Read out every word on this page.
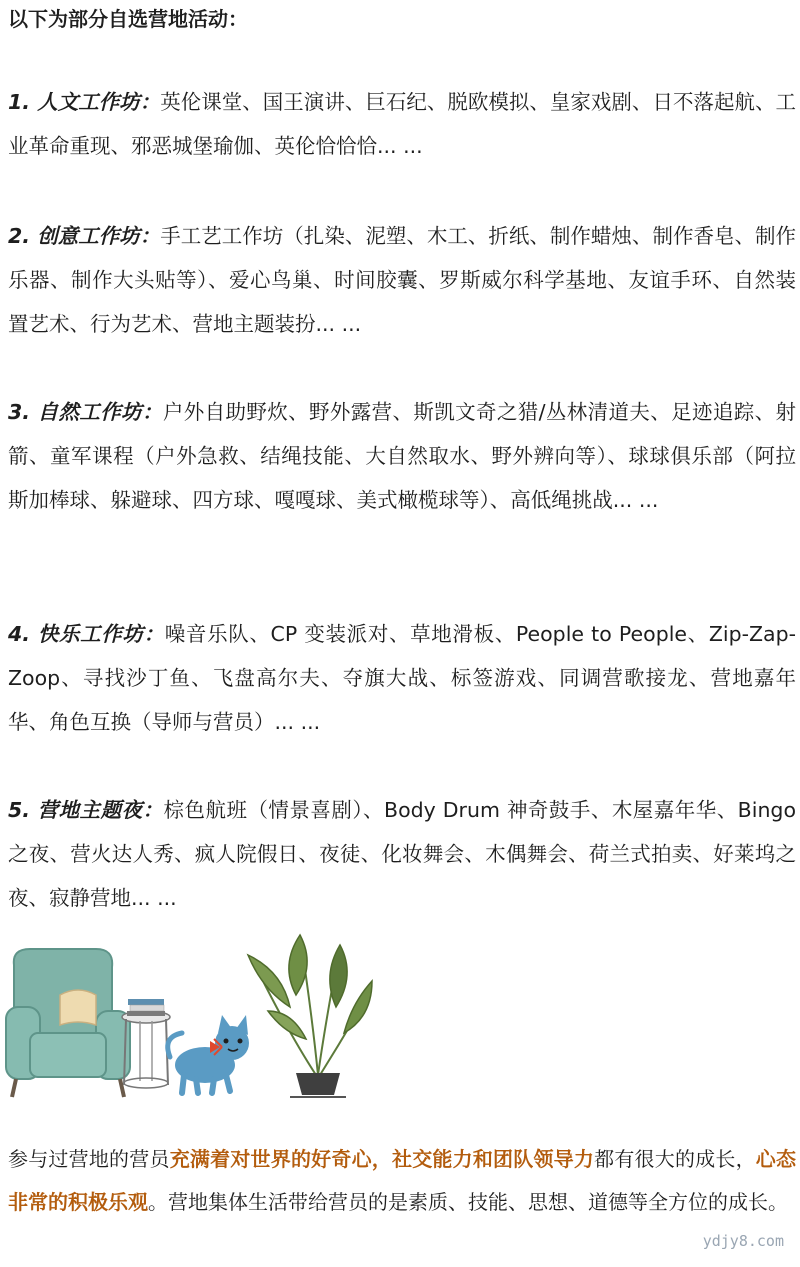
以下为部分自选营地活动：

1. 人文工作坊：英伦课堂、国王演讲、巨石纪、脱欧模拟、皇家戏剧、日不落起航、工业革命重现、邪恶城堡瑜伽、英伦恰恰恰... ...

2. 创意工作坊：手工艺工作坊（扎染、泥塑、木工、折纸、制作蜡烛、制作香皂、制作乐器、制作大头贴等）、爱心鸟巢、时间胶囊、罗斯威尔科学基地、友谊手环、自然装置艺术、行为艺术、营地主题装扮... ...

3. 自然工作坊：户外自助野炊、野外露营、斯凯文奇之猎/丛林清道夫、足迹追踪、射箭、童军课程（户外急救、结绳技能、大自然取水、野外辨向等）、球球俱乐部（阿拉斯加棒球、躲避球、四方球、嘎嘎球、美式橄榄球等）、高低绳挑战... ...

4. 快乐工作坊：噪音乐队、CP 变装派对、草地滑板、People to People、Zip-Zap-Zoop、寻找沙丁鱼、飞盘高尔夫、夺旗大战、标签游戏、同调营歌接龙、营地嘉年华、角色互换（导师与营员）... ...

5. 营地主题夜：棕色航班（情景喜剧）、Body Drum 神奇鼓手、木屋嘉年华、Bingo 之夜、营火达人秀、疯人院假日、夜徒、化妆舞会、木偶舞会、荷兰式拍卖、好莱坞之夜、寂静营地... ...

参与过营地的营员充满着对世界的好奇心，社交能力和团队领导力都有很大的成长，心态非常的积极乐观。营地集体生活带给营员的是素质、技能、思想、道德等全方位的成长。

ydjy8.com
